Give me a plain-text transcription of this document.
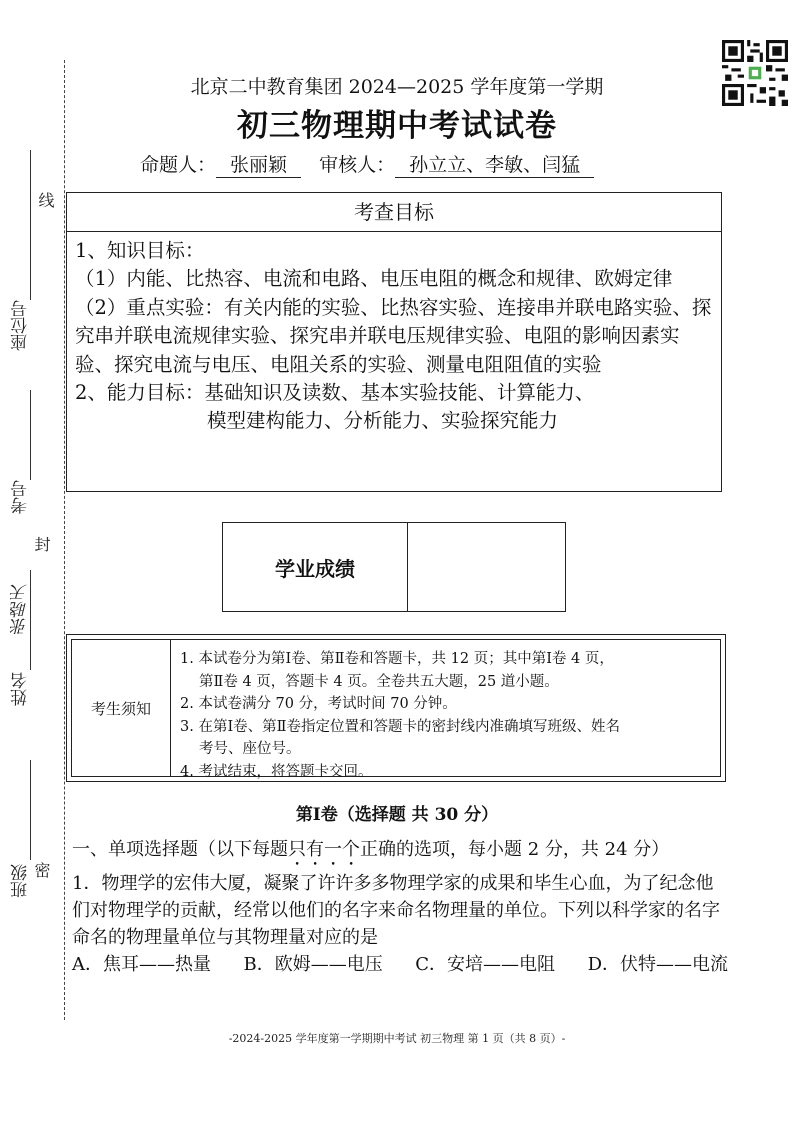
线
封
密
座位号
考号
姓名
张晓天
班级
北京二中教育集团 2024—2025 学年度第一学期
初三物理期中考试试卷
命题人： 张丽颖 审核人： 孙立立、李敏、闫猛
考查目标

1、知识目标：

（1）内能、比热容、电流和电路、电压电阻的概念和规律、欧姆定律

（2）重点实验：有关内能的实验、比热容实验、连接串并联电路实验、探究串并联电流规律实验、探究串并联电压规律实验、电阻的影响因素实验、探究电流与电压、电阻关系的实验、测量电阻阻值的实验

2、能力目标：基础知识及读数、基本实验技能、计算能力、

模型建构能力、分析能力、实验探究能力

学业成绩
考生须知

1. 本试卷分为第Ⅰ卷、第Ⅱ卷和答题卡，共 12 页；其中第Ⅰ卷 4 页，

第Ⅱ卷 4 页，答题卡 4 页。全卷共五大题，25 道小题。

2. 本试卷满分 70 分，考试时间 70 分钟。

3. 在第Ⅰ卷、第Ⅱ卷指定位置和答题卡的密封线内准确填写班级、姓名

考号、座位号。

4. 考试结束，将答题卡交回。

第Ⅰ卷（选择题 共 30 分）

一、单项选择题（以下每题只有一个正确的选项，每小题 2 分，共 24 分）

1．物理学的宏伟大厦，凝聚了许许多多物理学家的成果和毕生心血，为了纪念他们对物理学的贡献，经常以他们的名字来命名物理量的单位。下列以科学家的名字命名的物理量单位与其物理量对应的是

A．焦耳——热量 B．欧姆——电压 C．安培——电阻 D．伏特——电流
-2024-2025 学年度第一学期期中考试 初三物理 第 1 页（共 8 页）-
